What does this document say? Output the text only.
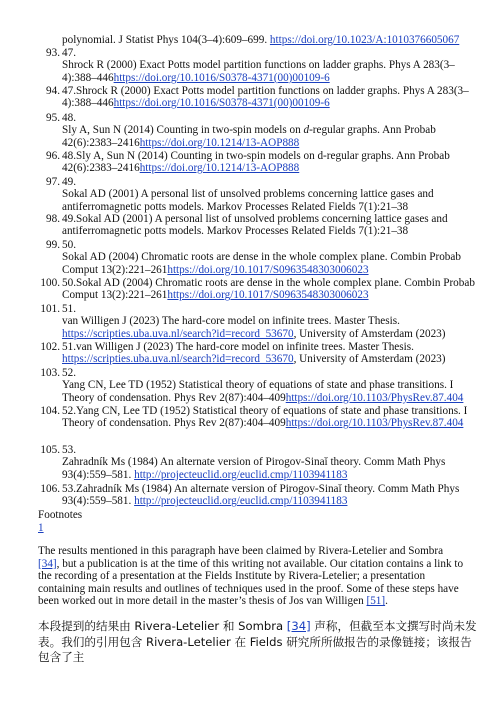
polynomial. J Statist Phys 104(3–4):609–699. https://doi.org/10.1023/A:1010376605067
93. 47.
Shrock R (2000) Exact Potts model partition functions on ladder graphs. Phys A 283(3–4):388–446https://doi.org/10.1016/S0378-4371(00)00109-6
94. 47.Shrock R (2000) Exact Potts model partition functions on ladder graphs. Phys A 283(3–4):388–446https://doi.org/10.1016/S0378-4371(00)00109-6
95. 48.
Sly A, Sun N (2014) Counting in two-spin models on d-regular graphs. Ann Probab 42(6):2383–2416https://doi.org/10.1214/13-AOP888
96. 48.Sly A, Sun N (2014) Counting in two-spin models on d-regular graphs. Ann Probab 42(6):2383–2416https://doi.org/10.1214/13-AOP888
97. 49.
Sokal AD (2001) A personal list of unsolved problems concerning lattice gases and antiferromagnetic potts models. Markov Processes Related Fields 7(1):21–38
98. 49.Sokal AD (2001) A personal list of unsolved problems concerning lattice gases and antiferromagnetic potts models. Markov Processes Related Fields 7(1):21–38
99. 50.
Sokal AD (2004) Chromatic roots are dense in the whole complex plane. Combin Probab Comput 13(2):221–261https://doi.org/10.1017/S0963548303006023
100. 50.Sokal AD (2004) Chromatic roots are dense in the whole complex plane. Combin Probab Comput 13(2):221–261https://doi.org/10.1017/S0963548303006023
101. 51.
van Willigen J (2023) The hard-core model on infinite trees. Master Thesis. https://scripties.uba.uva.nl/search?id=record_53670, University of Amsterdam (2023)
102. 51.van Willigen J (2023) The hard-core model on infinite trees. Master Thesis. https://scripties.uba.uva.nl/search?id=record_53670, University of Amsterdam (2023)
103. 52.
Yang CN, Lee TD (1952) Statistical theory of equations of state and phase transitions. I Theory of condensation. Phys Rev 2(87):404–409https://doi.org/10.1103/PhysRev.87.404
104. 52.Yang CN, Lee TD (1952) Statistical theory of equations of state and phase transitions. I Theory of condensation. Phys Rev 2(87):404–409https://doi.org/10.1103/PhysRev.87.404
105. 53.
Zahradník Ms (1984) An alternate version of Pirogov-Sinaĭ theory. Comm Math Phys 93(4):559–581. http://projecteuclid.org/euclid.cmp/1103941183
106. 53.Zahradník Ms (1984) An alternate version of Pirogov-Sinaĭ theory. Comm Math Phys 93(4):559–581. http://projecteuclid.org/euclid.cmp/1103941183
Footnotes
1
The results mentioned in this paragraph have been claimed by Rivera-Letelier and Sombra [34], but a publication is at the time of this writing not available. Our citation contains a link to the recording of a presentation at the Fields Institute by Rivera-Letelier; a presentation containing main results and outlines of techniques used in the proof. Some of these steps have been worked out in more detail in the master’s thesis of Jos van Willigen [51].
本段提到的结果由 Rivera-Letelier 和 Sombra [34] 声称，但截至本文撰写时尚未发表。我们的引用包含 Rivera-Letelier 在 Fields 研究所所做报告的录像链接；该报告包含了主
